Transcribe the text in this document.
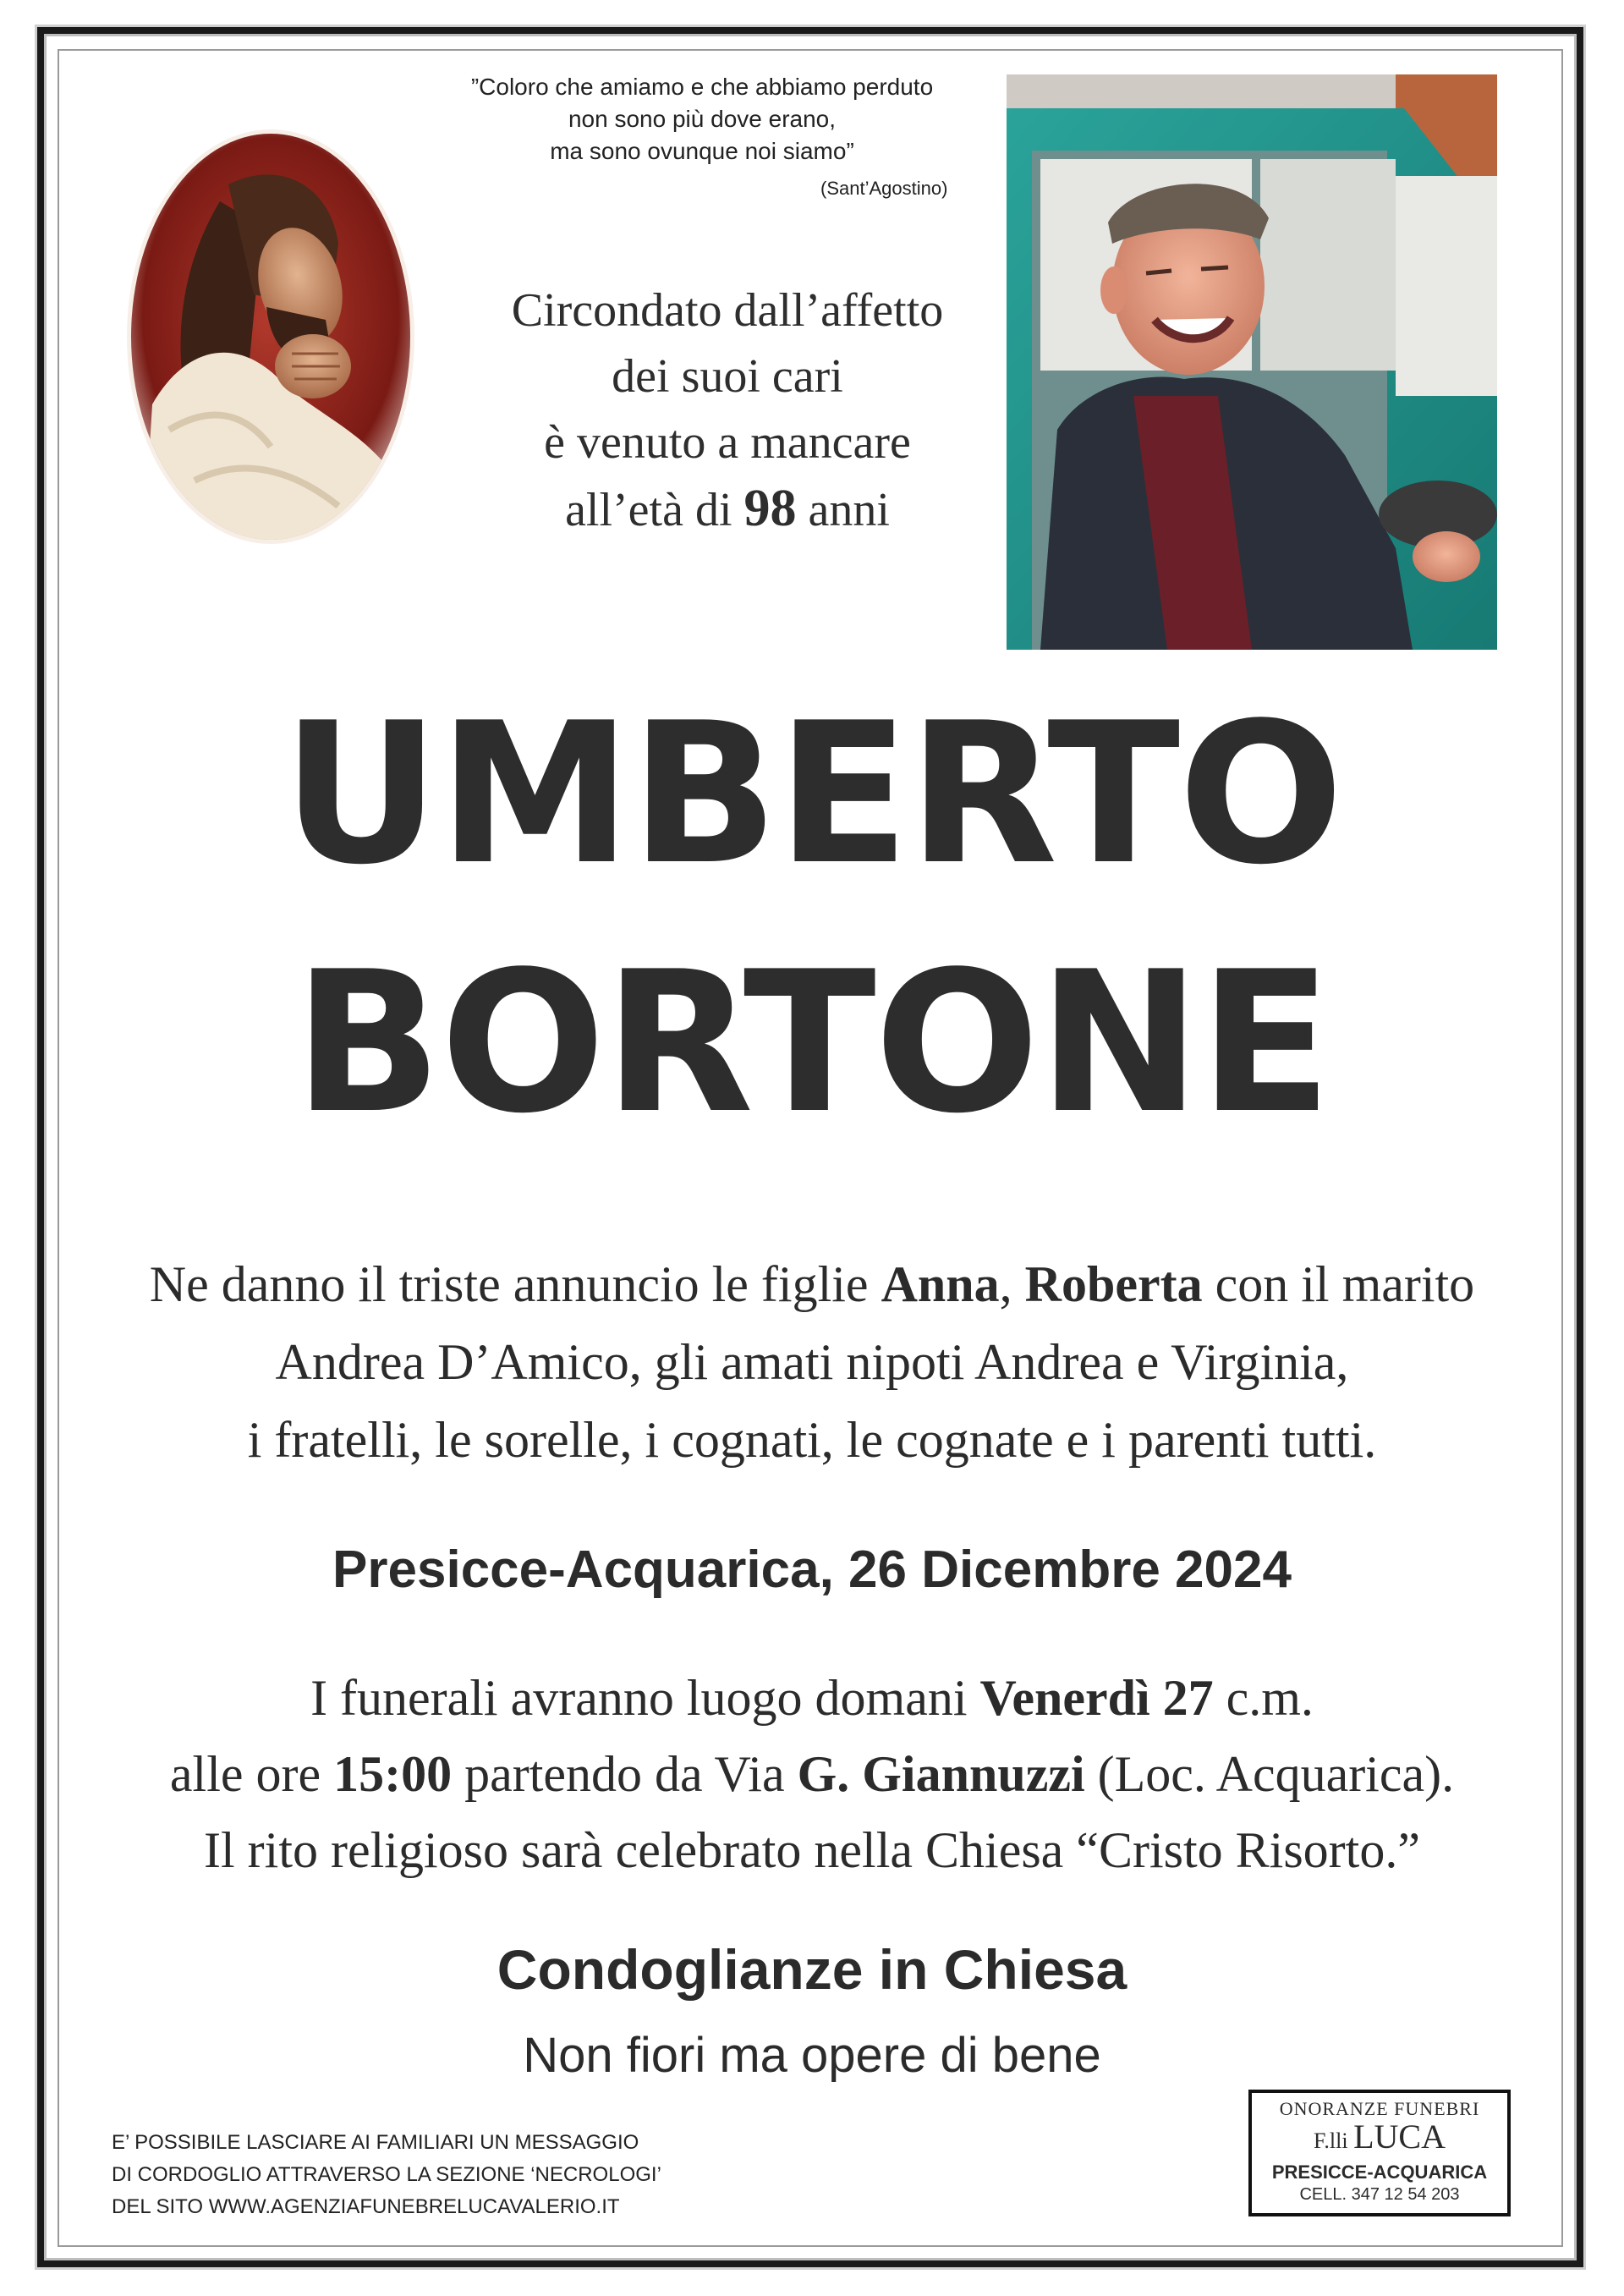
”Coloro che amiamo e che abbiamo perduto
non sono più dove erano,
ma sono ovunque noi siamo”
(Sant’Agostino)
Circondato dall’affetto
dei suoi cari
è venuto a mancare
all’età di 98 anni
UMBERTO
BORTONE
Ne danno il triste annuncio le figlie Anna, Roberta con il marito
Andrea D’Amico, gli amati nipoti Andrea e Virginia,
i fratelli, le sorelle, i cognati, le cognate e i parenti tutti.
Presicce-Acquarica, 26 Dicembre 2024
I funerali avranno luogo domani Venerdì 27 c.m.
alle ore 15:00 partendo da Via G. Giannuzzi (Loc. Acquarica).
Il rito religioso sarà celebrato nella Chiesa “Cristo Risorto.”
Condoglianze in Chiesa
Non fiori ma opere di bene
E’ POSSIBILE LASCIARE AI FAMILIARI UN MESSAGGIO
DI CORDOGLIO ATTRAVERSO LA SEZIONE ‘NECROLOGI’
DEL SITO WWW.AGENZIAFUNEBRELUCAVALERIO.IT
ONORANZE FUNEBRI
F.lli LUCA
PRESICCE-ACQUARICA
CELL. 347 12 54 203
